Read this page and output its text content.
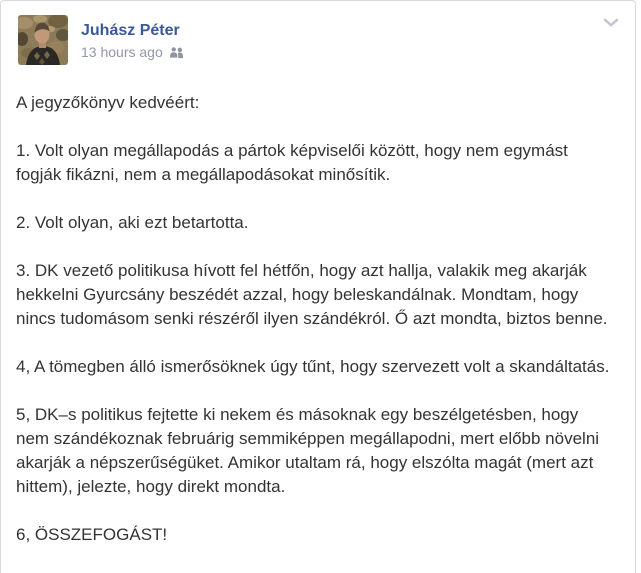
Juhász Péter
13 hours ago

A jegyzőkönyv kedvéért:

1. Volt olyan megállapodás a pártok képviselői között, hogy nem egymást fogják fikázni, nem a megállapodásokat minősítik.

2. Volt olyan, aki ezt betartotta.

3. DK vezető politikusa hívott fel hétfőn, hogy azt hallja, valakik meg akarják hekkelni Gyurcsány beszédét azzal, hogy beleskandálnak. Mondtam, hogy nincs tudomásom senki részéről ilyen szándékról. Ő azt mondta, biztos benne.

4, A tömegben álló ismerősöknek úgy tűnt, hogy szervezett volt a skandáltatás.

5, DK–s politikus fejtette ki nekem és másoknak egy beszélgetésben, hogy nem szándékoznak februárig semmiképpen megállapodni, mert előbb növelni akarják a népszerűségüket. Amikor utaltam rá, hogy elszólta magát (mert azt hittem), jelezte, hogy direkt mondta.

6, ÖSSZEFOGÁST!
